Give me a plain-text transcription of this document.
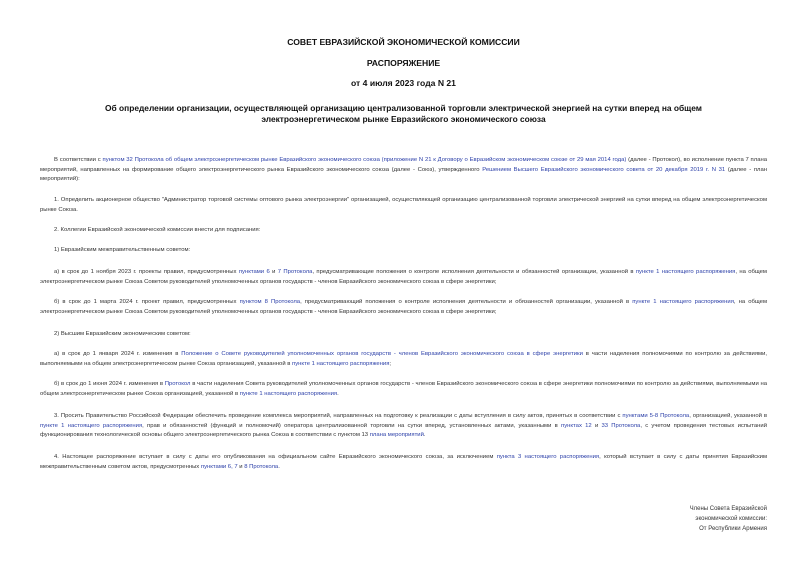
СОВЕТ ЕВРАЗИЙСКОЙ ЭКОНОМИЧЕСКОЙ КОМИССИИ
РАСПОРЯЖЕНИЕ
от 4 июля 2023 года N 21
Об определении организации, осуществляющей организацию централизованной торговли электрической энергией на сутки вперед на общем
электроэнергетическом рынке Евразийского экономического союза
В соответствии с пунктом 32 Протокола об общем электроэнергетическом рынке Евразийского экономического союза (приложение N 21 к Договору о Евразийском экономическом союзе от 29 мая 2014 года) (далее - Протокол), во исполнение пункта 7 плана мероприятий, направленных на формирование общего электроэнергетического рынка Евразийского экономического союза (далее - Союз), утвержденного Решением Высшего Евразийского экономического совета от 20 декабря 2019 г. N 31 (далее - план мероприятий):
1. Определить акционерное общество "Администратор торговой системы оптового рынка электроэнергии" организацией, осуществляющей организацию централизованной торговли электрической энергией на сутки вперед на общем электроэнергетическом рынке Союза.
2. Коллегии Евразийской экономической комиссии внести для подписания:
1) Евразийским межправительственным советом:
а) в срок до 1 ноября 2023 г. проекты правил, предусмотренных пунктами 6 и 7 Протокола, предусматривающие положения о контроле исполнения деятельности и обязанностей организации, указанной в пункте 1 настоящего распоряжения, на общем электроэнергетическом рынке Союза Советом руководителей уполномоченных органов государств - членов Евразийского экономического союза в сфере энергетики;
б) в срок до 1 марта 2024 г. проект правил, предусмотренных пунктом 8 Протокола, предусматривающий положения о контроле исполнения деятельности и обязанностей организации, указанной в пункте 1 настоящего распоряжения, на общем электроэнергетическом рынке Союза Советом руководителей уполномоченных органов государств - членов Евразийского экономического союза в сфере энергетики;
2) Высшим Евразийским экономическим советом:
а) в срок до 1 января 2024 г. изменения в Положение о Совете руководителей уполномоченных органов государств - членов Евразийского экономического союза в сфере энергетики в части наделения полномочиями по контролю за действиями, выполняемыми на общем электроэнергетическом рынке Союза организацией, указанной в пункте 1 настоящего распоряжения;
б) в срок до 1 июня 2024 г. изменения в Протокол в части наделения Совета руководителей уполномоченных органов государств - членов Евразийского экономического союза в сфере энергетики полномочиями по контролю за действиями, выполняемыми на общем электроэнергетическом рынке Союза организацией, указанной в пункте 1 настоящего распоряжения.
3. Просить Правительство Российской Федерации обеспечить проведение комплекса мероприятий, направленных на подготовку к реализации с даты вступления в силу актов, принятых в соответствии с пунктами 5-8 Протокола, организацией, указанной в пункте 1 настоящего распоряжения, прав и обязанностей (функций и полномочий) оператора централизованной торговли на сутки вперед, установленных актами, указанными в пунктах 12 и 33 Протокола, с учетом проведения тестовых испытаний функционирования технологической основы общего электроэнергетического рынка Союза в соответствии с пунктом 13 плана мероприятий.
4. Настоящее распоряжение вступает в силу с даты его опубликования на официальном сайте Евразийского экономического союза, за исключением пункта 3 настоящего распоряжения, который вступает в силу с даты принятия Евразийским межправительственным советом актов, предусмотренных пунктами 6, 7 и 8 Протокола.
Члены Совета Евразийской
экономической комиссии:
От Республики Армения
